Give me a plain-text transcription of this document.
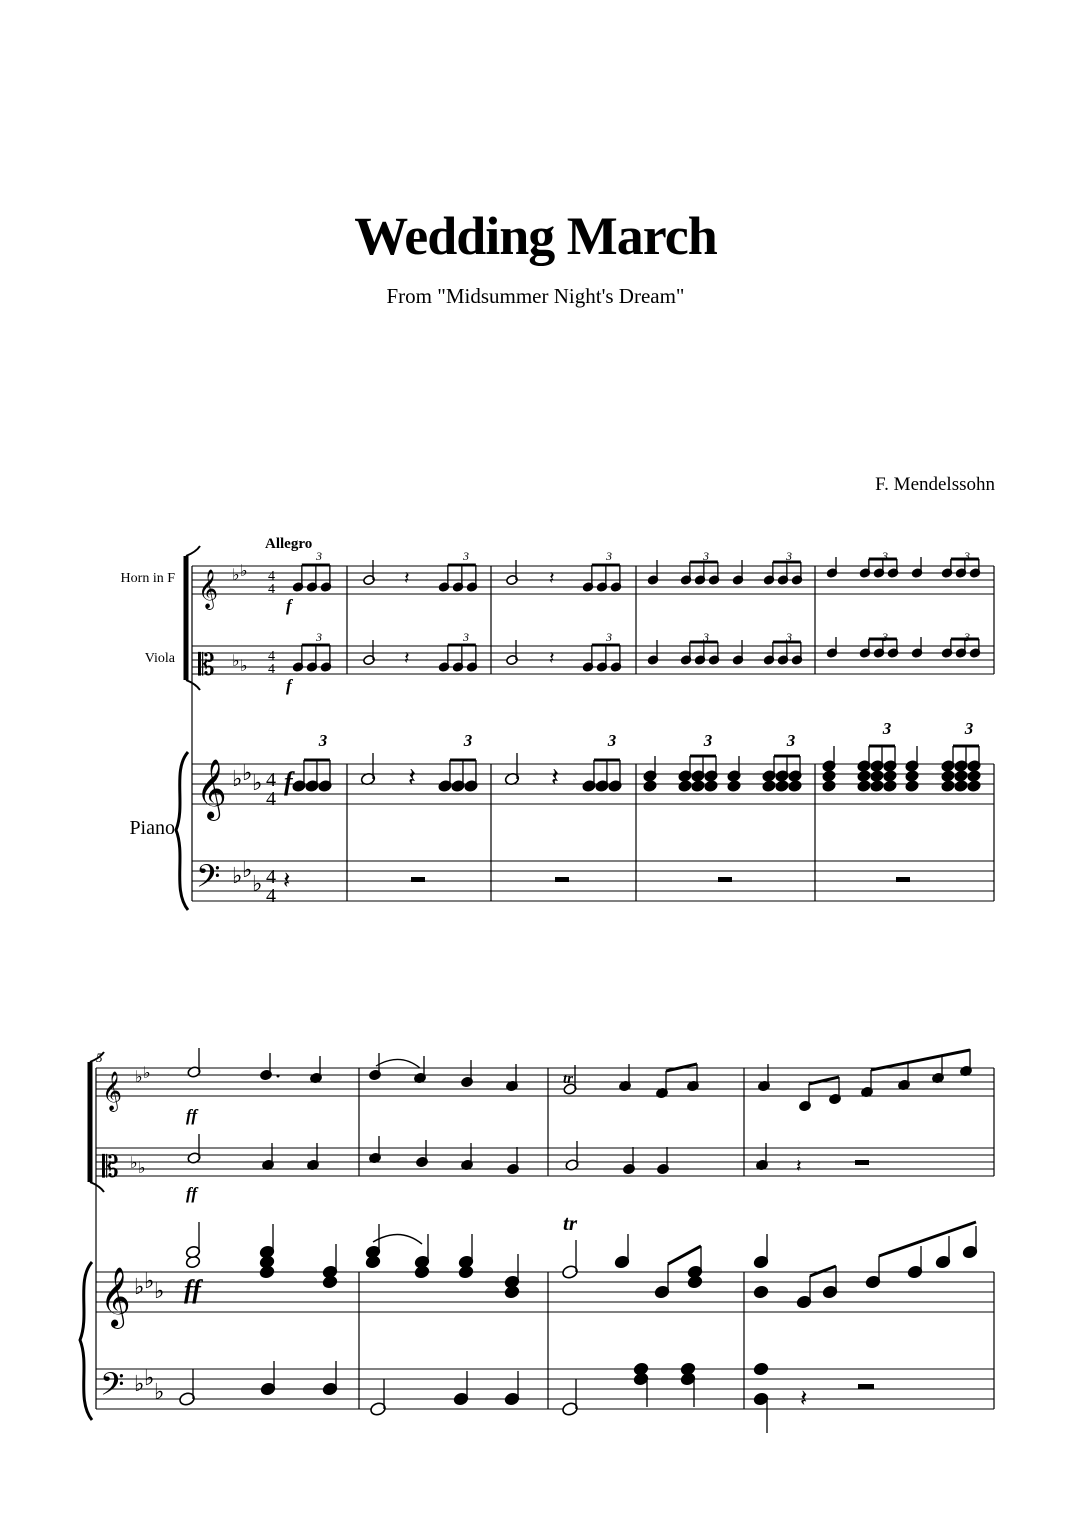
Wedding March
From "Midsummer Night's Dream"
F. Mendelssohn
𝄞
𝄡
𝄞
𝄢
♭ ♭
♭ ♭
♭ ♭ ♭
♭ ♭
♭
4
4
4
4
4
4
4
4
𝄽	𝄽
𝄽	𝄽
𝄽	𝄽
𝄽
𝄞
𝄡
𝄞
𝄢
♭ ♭
♭ ♭
♭ ♭ ♭
♭ ♭
♭
𝄽
𝄽
Allegro
Horn in F
Viola
Piano
5
f
f
f
ff
ff
ff
tr
tr
3	3	3	3	3	3	3
3	3	3	3	3	3	3
3	3	3	3	3
3	3
